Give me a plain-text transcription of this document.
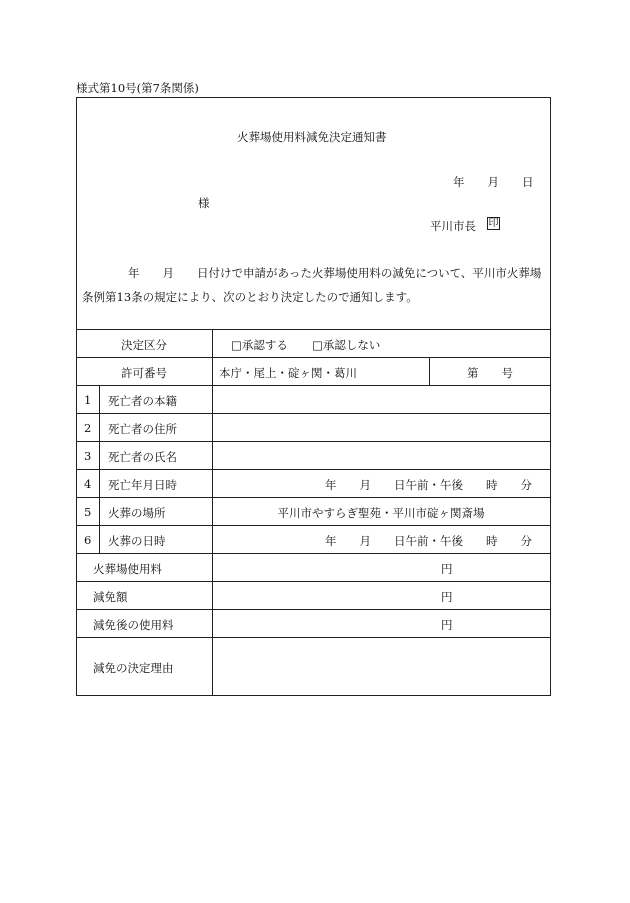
様式第10号(第7条関係)
火葬場使用料減免決定通知書
年　　月　　日
様
平川市長 印

　　　　年　　月　　日付けで申請があった火葬場使用料の減免について、平川市火葬場

条例第13条の規定により、次のとおり決定したので通知します。

決定区分	□承認する □承認しない
許可番号	本庁・尾上・碇ヶ関・葛川	第　　号
1 死亡者の本籍
2 死亡者の住所
3 死亡者の氏名
4 死亡年月日時	年　　月　　日午前・午後　　時　　分
5 火葬の場所	平川市やすらぎ聖苑・平川市碇ヶ関斎場
6 火葬の日時	年　　月　　日午前・午後　　時　　分
火葬場使用料	円
減免額	円
減免後の使用料	円
減免の決定理由
